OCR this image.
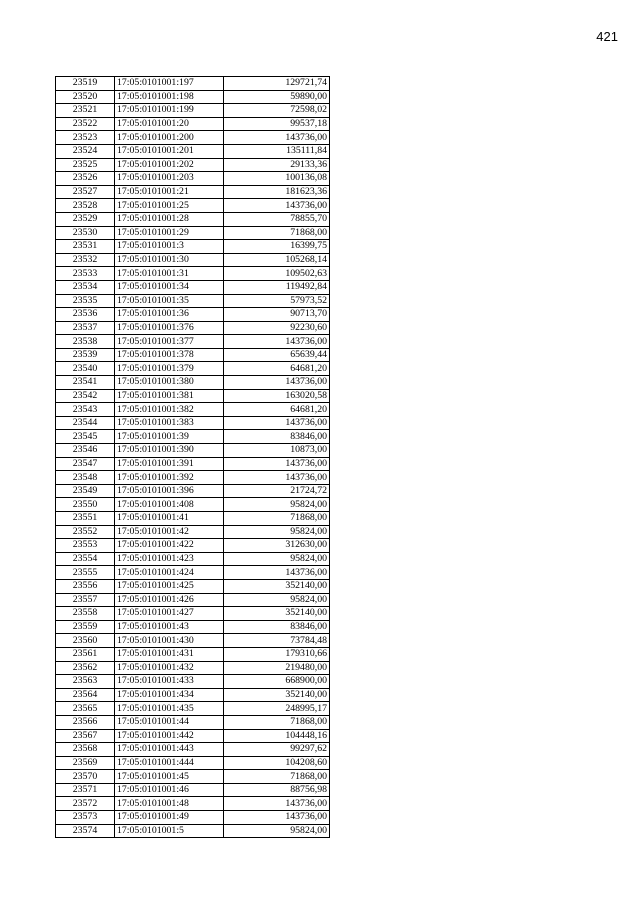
421
23519	17:05:0101001:197	129721,74
23520	17:05:0101001:198	59890,00
23521	17:05:0101001:199	72598,02
23522	17:05:0101001:20	99537,18
23523	17:05:0101001:200	143736,00
23524	17:05:0101001:201	135111,84
23525	17:05:0101001:202	29133,36
23526	17:05:0101001:203	100136,08
23527	17:05:0101001:21	181623,36
23528	17:05:0101001:25	143736,00
23529	17:05:0101001:28	78855,70
23530	17:05:0101001:29	71868,00
23531	17:05:0101001:3	16399,75
23532	17:05:0101001:30	105268,14
23533	17:05:0101001:31	109502,63
23534	17:05:0101001:34	119492,84
23535	17:05:0101001:35	57973,52
23536	17:05:0101001:36	90713,70
23537	17:05:0101001:376	92230,60
23538	17:05:0101001:377	143736,00
23539	17:05:0101001:378	65639,44
23540	17:05:0101001:379	64681,20
23541	17:05:0101001:380	143736,00
23542	17:05:0101001:381	163020,58
23543	17:05:0101001:382	64681,20
23544	17:05:0101001:383	143736,00
23545	17:05:0101001:39	83846,00
23546	17:05:0101001:390	10873,00
23547	17:05:0101001:391	143736,00
23548	17:05:0101001:392	143736,00
23549	17:05:0101001:396	21724,72
23550	17:05:0101001:408	95824,00
23551	17:05:0101001:41	71868,00
23552	17:05:0101001:42	95824,00
23553	17:05:0101001:422	312630,00
23554	17:05:0101001:423	95824,00
23555	17:05:0101001:424	143736,00
23556	17:05:0101001:425	352140,00
23557	17:05:0101001:426	95824,00
23558	17:05:0101001:427	352140,00
23559	17:05:0101001:43	83846,00
23560	17:05:0101001:430	73784,48
23561	17:05:0101001:431	179310,66
23562	17:05:0101001:432	219480,00
23563	17:05:0101001:433	668900,00
23564	17:05:0101001:434	352140,00
23565	17:05:0101001:435	248995,17
23566	17:05:0101001:44	71868,00
23567	17:05:0101001:442	104448,16
23568	17:05:0101001:443	99297,62
23569	17:05:0101001:444	104208,60
23570	17:05:0101001:45	71868,00
23571	17:05:0101001:46	88756,98
23572	17:05:0101001:48	143736,00
23573	17:05:0101001:49	143736,00
23574	17:05:0101001:5	95824,00
